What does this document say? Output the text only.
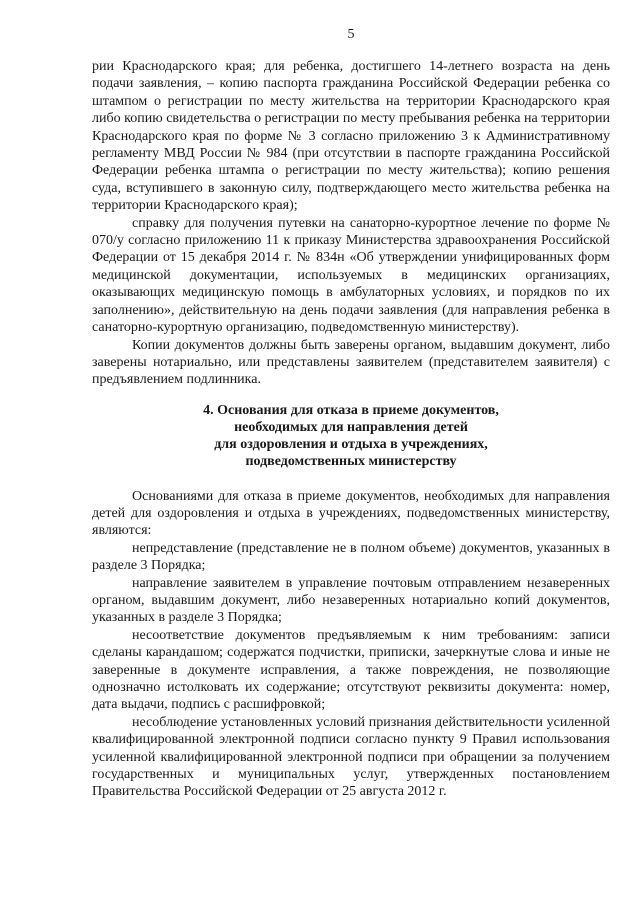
5

рии Краснодарского края; для ребенка, достигшего 14-летнего возраста на день подачи заявления, – копию паспорта гражданина Российской Федерации ребенка со штампом о регистрации по месту жительства на территории Краснодарского края либо копию свидетельства о регистрации по месту пребывания ребенка на территории Краснодарского края по форме № 3 согласно приложению 3 к Административному регламенту МВД России № 984 (при отсутствии в паспорте гражданина Российской Федерации ребенка штампа о регистрации по месту жительства); копию решения суда, вступившего в законную силу, подтверждающего место жительства ребенка на территории Краснодарского края);

справку для получения путевки на санаторно-курортное лечение по форме № 070/у согласно приложению 11 к приказу Министерства здравоохранения Российской Федерации от 15 декабря 2014 г. № 834н «Об утверждении унифицированных форм медицинской документации, используемых в медицинских организациях, оказывающих медицинскую помощь в амбулаторных условиях, и порядков по их заполнению», действительную на день подачи заявления (для направления ребенка в санаторно-курортную организацию, подведомственную министерству).

Копии документов должны быть заверены органом, выдавшим документ, либо заверены нотариально, или представлены заявителем (представителем заявителя) с предъявлением подлинника.

4. Основания для отказа в приеме документов,
необходимых для направления детей
для оздоровления и отдыха в учреждениях,
подведомственных министерству

Основаниями для отказа в приеме документов, необходимых для направления детей для оздоровления и отдыха в учреждениях, подведомственных министерству, являются:

непредставление (представление не в полном объеме) документов, указанных в разделе 3 Порядка;

направление заявителем в управление почтовым отправлением незаверенных органом, выдавшим документ, либо незаверенных нотариально копий документов, указанных в разделе 3 Порядка;

несоответствие документов предъявляемым к ним требованиям: записи сделаны карандашом; содержатся подчистки, приписки, зачеркнутые слова и иные не заверенные в документе исправления, а также повреждения, не позволяющие однозначно истолковать их содержание; отсутствуют реквизиты документа: номер, дата выдачи, подпись с расшифровкой;

несоблюдение установленных условий признания действительности усиленной квалифицированной электронной подписи согласно пункту 9 Правил использования усиленной квалифицированной электронной подписи при обращении за получением государственных и муниципальных услуг, утвержденных постановлением Правительства Российской Федерации от 25 августа 2012 г.
